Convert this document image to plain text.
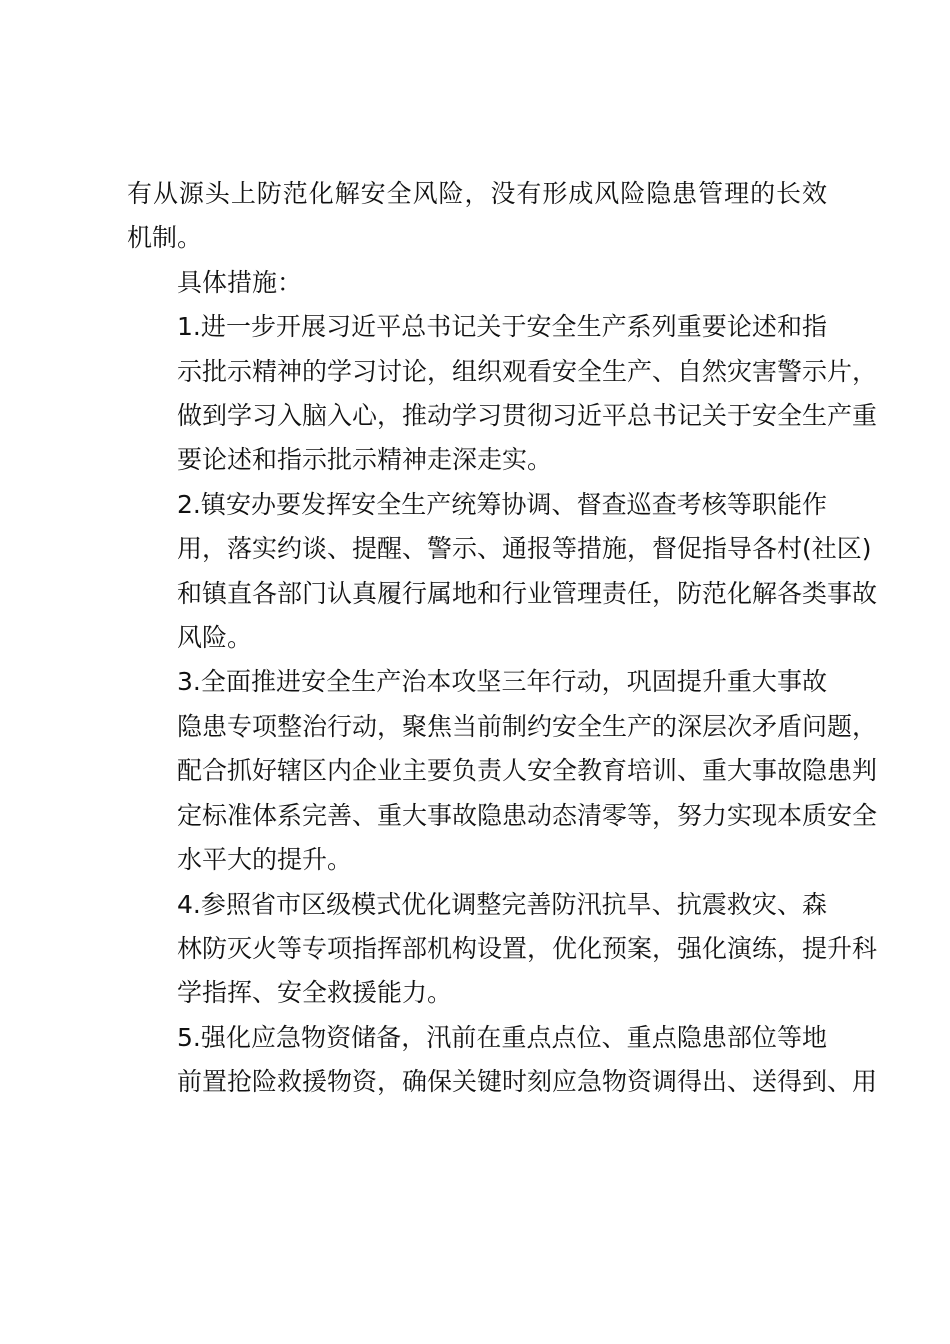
有从源头上防范化解安全风险，没有形成风险隐患管理的长效
机制。

具体措施：

1.进一步开展习近平总书记关于安全生产系列重要论述和指
示批示精神的学习讨论，组织观看安全生产、自然灾害警示片，
做到学习入脑入心，推动学习贯彻习近平总书记关于安全生产重
要论述和指示批示精神走深走实。

2.镇安办要发挥安全生产统筹协调、督查巡查考核等职能作
用，落实约谈、提醒、警示、通报等措施，督促指导各村(社区)
和镇直各部门认真履行属地和行业管理责任，防范化解各类事故
风险。

3.全面推进安全生产治本攻坚三年行动，巩固提升重大事故
隐患专项整治行动，聚焦当前制约安全生产的深层次矛盾问题，
配合抓好辖区内企业主要负责人安全教育培训、重大事故隐患判
定标准体系完善、重大事故隐患动态清零等，努力实现本质安全
水平大的提升。

4.参照省市区级模式优化调整完善防汛抗旱、抗震救灾、森
林防灭火等专项指挥部机构设置，优化预案，强化演练，提升科
学指挥、安全救援能力。

5.强化应急物资储备，汛前在重点点位、重点隐患部位等地
前置抢险救援物资，确保关键时刻应急物资调得出、送得到、用
